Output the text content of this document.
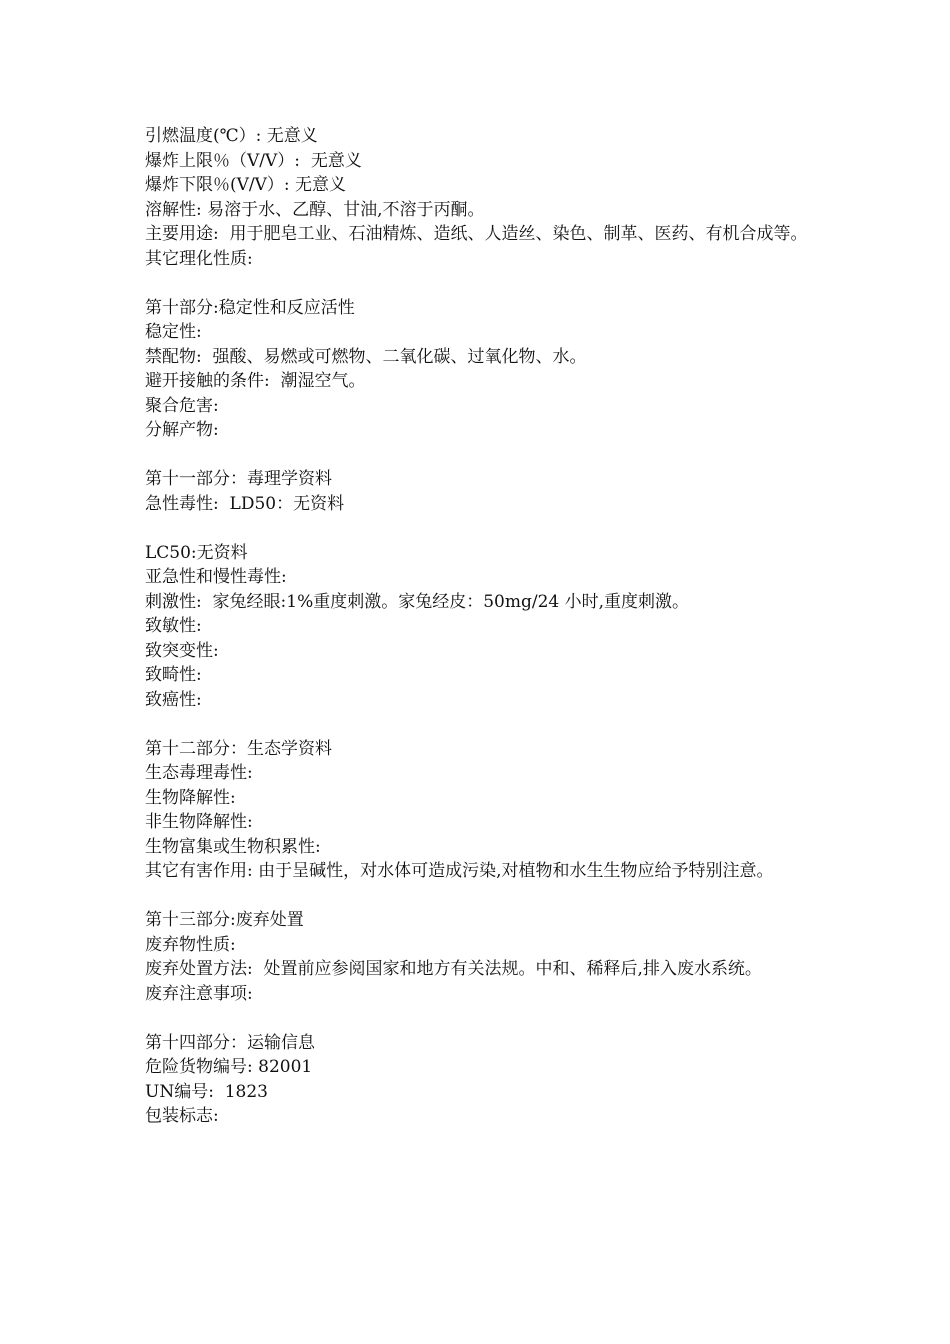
引燃温度(℃）: 无意义
爆炸上限％（V/V）:  无意义
爆炸下限％(V/V）: 无意义
溶解性: 易溶于水、乙醇、甘油,不溶于丙酮。
主要用途:  用于肥皂工业、石油精炼、造纸、人造丝、染色、制革、医药、有机合成等。
其它理化性质:
第十部分:稳定性和反应活性
稳定性:
禁配物:  强酸、易燃或可燃物、二氧化碳、过氧化物、水。
避开接触的条件:  潮湿空气。
聚合危害:
分解产物:
第十一部分：毒理学资料
急性毒性:  LD50：无资料
LC50:无资料
亚急性和慢性毒性:
刺激性:  家兔经眼:1%重度刺激。家兔经皮：50mg/24 小时,重度刺激。
致敏性:
致突变性:
致畸性:
致癌性:
第十二部分：生态学资料
生态毒理毒性:
生物降解性:
非生物降解性:
生物富集或生物积累性:
其它有害作用: 由于呈碱性，对水体可造成污染,对植物和水生生物应给予特别注意。
第十三部分:废弃处置
废弃物性质:
废弃处置方法:  处置前应参阅国家和地方有关法规。中和、稀释后,排入废水系统。
废弃注意事项:
第十四部分：运输信息
危险货物编号: 82001
UN编号:  1823
包装标志:
